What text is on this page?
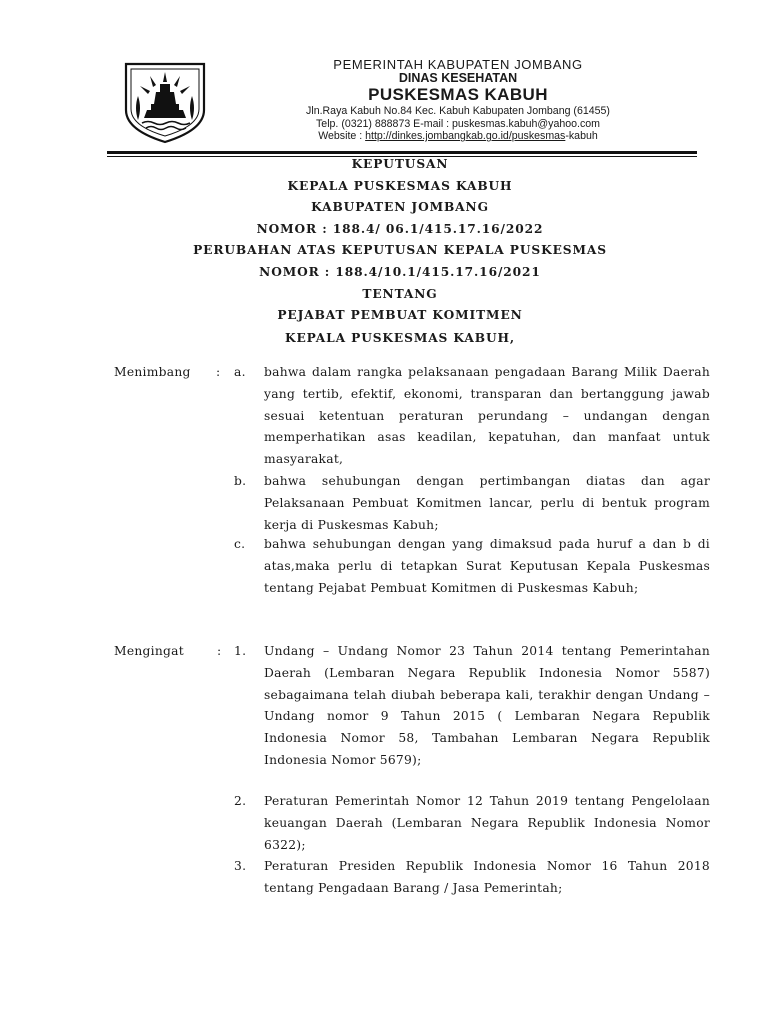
PEMERINTAH KABUPATEN JOMBANG
DINAS KESEHATAN
PUSKESMAS KABUH
Jln.Raya Kabuh No.84 Kec. Kabuh Kabupaten Jombang (61455)
Telp. (0321) 888873 E-mail : puskesmas.kabuh@yahoo.com
Website : http://dinkes.jombangkab.go.id/puskesmas-kabuh
KEPUTUSAN
KEPALA PUSKESMAS KABUH
KABUPATEN JOMBANG
NOMOR : 188.4/ 06.1/415.17.16/2022
PERUBAHAN ATAS KEPUTUSAN KEPALA PUSKESMAS
NOMOR : 188.4/10.1/415.17.16/2021
TENTANG
PEJABAT PEMBUAT KOMITMEN
KEPALA PUSKESMAS KABUH,
Menimbang : a. bahwa dalam rangka pelaksanaan pengadaan Barang Milik Daerah yang tertib, efektif, ekonomi, transparan dan bertanggung jawab sesuai ketentuan peraturan perundang – undangan dengan memperhatikan asas keadilan, kepatuhan, dan manfaat untuk masyarakat,
b. bahwa sehubungan dengan pertimbangan diatas dan agar Pelaksanaan Pembuat Komitmen lancar, perlu di bentuk program kerja di Puskesmas Kabuh;
c. bahwa sehubungan dengan yang dimaksud pada huruf a dan b di atas,maka perlu di tetapkan Surat Keputusan Kepala Puskesmas tentang Pejabat Pembuat Komitmen di Puskesmas Kabuh;
Mengingat	: 1. Undang – Undang Nomor 23 Tahun 2014 tentang Pemerintahan Daerah (Lembaran Negara Republik Indonesia Nomor 5587) sebagaimana telah diubah beberapa kali, terakhir dengan Undang – Undang nomor 9 Tahun 2015 ( Lembaran Negara Republik Indonesia Nomor 58, Tambahan Lembaran Negara Republik Indonesia Nomor 5679);
2. Peraturan Pemerintah Nomor 12 Tahun 2019 tentang Pengelolaan keuangan Daerah (Lembaran Negara Republik Indonesia Nomor 6322);
3. Peraturan Presiden Republik Indonesia Nomor 16 Tahun 2018 tentang Pengadaan Barang / Jasa Pemerintah;
